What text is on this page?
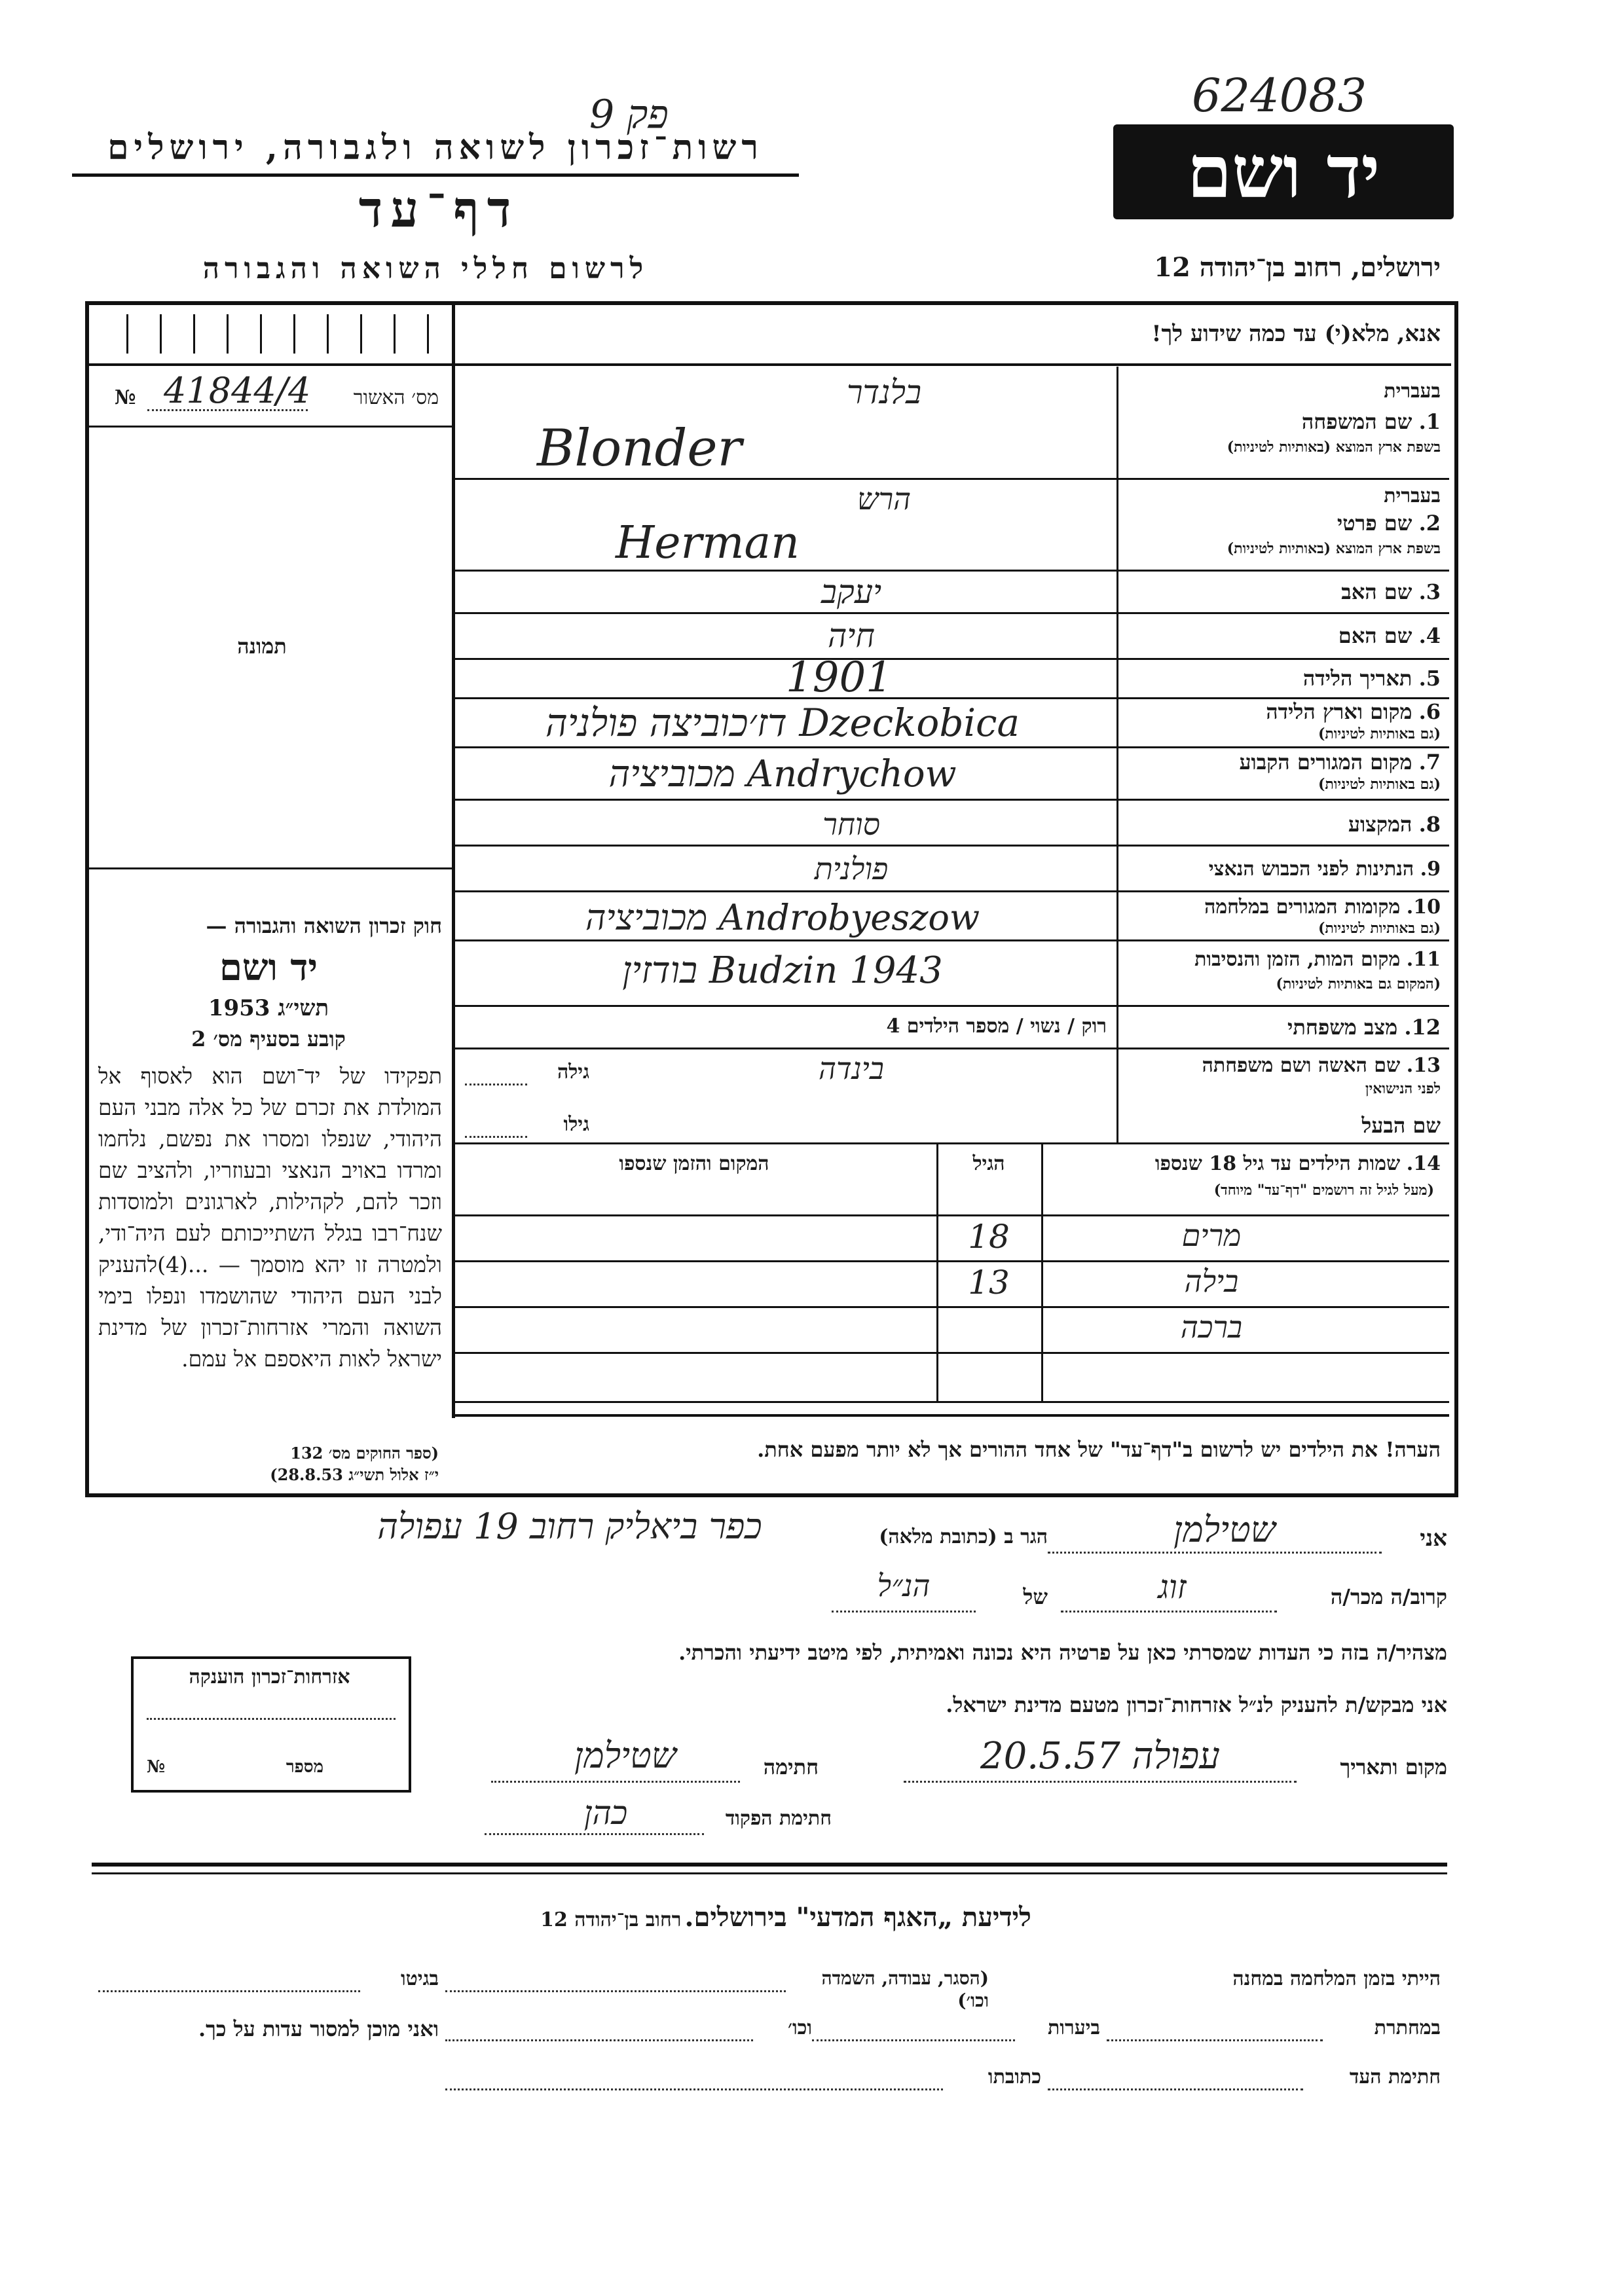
פק 9
רשות־זכרון לשואה ולגבורה, ירושלים
דף־עד
לרשום חללי השואה והגבורה
624083
יד ושם
ירושלים, רחוב בן־יהודה 12
אנא, מלא(י) עד כמה שידוע לך!
מס׳ האשור
41844/4
№
תמונה
חוק זכרון השואה והגבורה —
יד ושם
תשי״ג 1953
קובע בסעיף מס׳ 2
תפקידו של יד־ושם הוא לאסוף אל המולדת את זכרם של כל אלה מבני העם היהודי, שנפלו ומסרו את נפשם, נלחמו ומרדו באויב הנאצי ובעוזריו, ולהציב שם וזכר להם, לקהילות, לארגונים ולמוסדות שנח־רבו בגלל השתייכותם לעם היה־ודי, ולמטרה זו יהא מוסמך — ...(4)להעניק לבני העם היהודי שהושמדו ונפלו בימי השואה והמרי אזרחות־זכרון של מדינת ישראל לאות היאספם אל עמם.
(ספר החוקים מס׳ 132
י״ז אלול תשי״ג 28.8.53)
בעברית
1. שם המשפחה
בשפת ארץ המוצא (באותיות לטיניות)
בלנדר
Blonder
בעברית
2. שם פרטי
בשפת ארץ המוצא (באותיות לטיניות)
הרש
Herman
3. שם האב
יעקב
4. שם האם
חיה
5. תאריך הלידה
1901
6. מקום וארץ הלידה
(גם באותיות לטיניות)
Dzeckobica דז׳כוביצה פולניה
7. מקום המגורים הקבוע
(גם באותיות לטיניות)
Andrychow מכוביציה
8. המקצוע
סוחר
9. הנתינות לפני הכבוש הנאצי
פולנית
10. מקומות המגורים במלחמה
(גם באותיות לטיניות)
Androbyeszow מכוביציה
11. מקום המות, הזמן והנסיבות
(המקום גם באותיות לטיניות)
Budzin 1943 בודזין
12. מצב משפחתי
רוק / נשוי / מספר הילדים 4
13. שם האשה ושם משפחתה
לפני הנישואין
בינדה
גילה
שם הבעל
גילו
14. שמות הילדים עד גיל 18 שנספו
(מעל לגיל זה רושמים "דף־עד" מיוחד)
הגיל
המקום והזמן שנספו
מרים
18
בילה
13
ברכה
הערה! את הילדים יש לרשום ב"דף־עד" של אחד ההורים אך לא יותר מפעם אחת.
אני
שטילמן
הגר ב (כתובת מלאה)
כפר ביאליק רחוב 19 עפולה
קרוב/ה מכר/ה
זוג
של
הנ״ל
מצהיר/ה בזה כי העדות שמסרתי כאן על פרטיה היא נכונה ואמיתית, לפי מיטב ידיעתי והכרתי.
אני מבקש/ת להעניק לנ״ל אזרחות־זכרון מטעם מדינת ישראל.
מקום ותאריך
עפולה 20.5.57
חתימה
שטילמן
חתימת הפקוד
כהן
אזרחות־זכרון הוענקה
מספר
№
לידיעת „האגף המדעי" בירושלים. רחוב בן־יהודה 12
הייתי בזמן המלחמה במחנה
(הסגר, עבודה, השמדה וכו׳)
בגיטו
במחתרת
ביערות
וכו׳
ואני מוכן למסור עדות על כך.
חתימת העד
כתובתו
